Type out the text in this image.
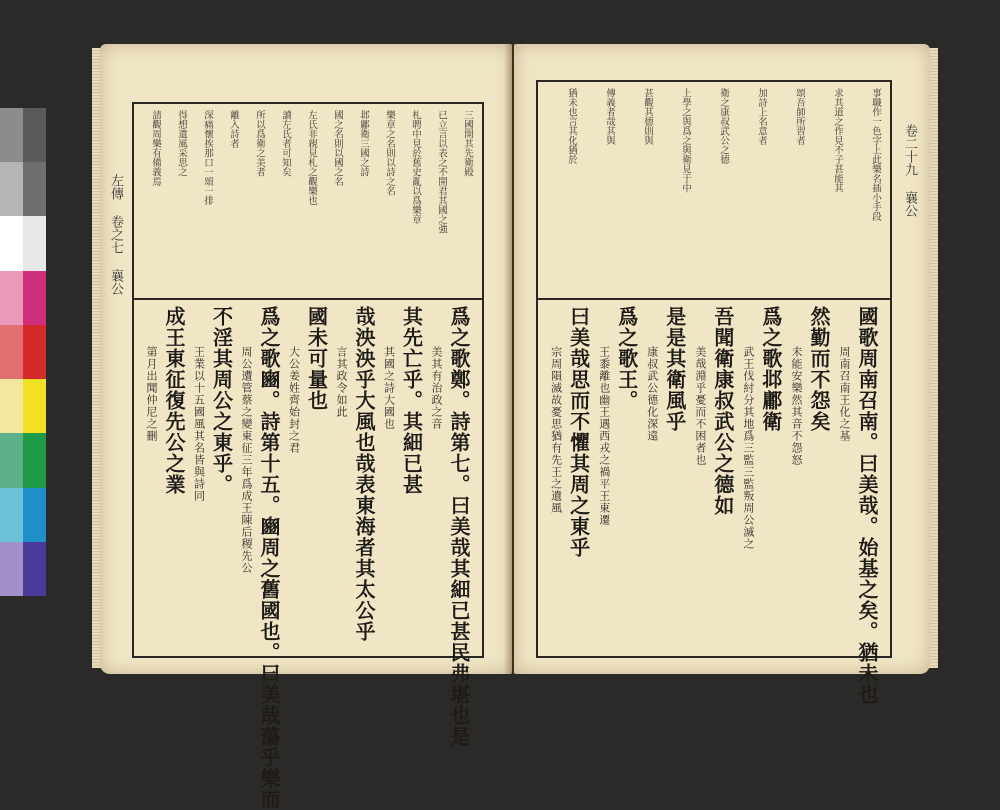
左傳 卷之七 襄公
三國開其先衛殿
已立言以表之不開君其國之強
札聘中見於舊史亂以爲樂章
樂章之名則以詩之名
邶鄘衛三國之詩
國之名則以國之名
左氏非親見札之觀樂也
讀左氏者可知矣
所以爲衛之美者
離入詩者
深痛懷挨那口一頌一排
得想遺風采思之
請觀周樂有備義焉
爲之歌鄭。詩第七。曰美哉其細已甚民弗堪也是
其先亡乎。其細已甚
哉泱泱乎大風也哉表東海者其太公乎
國未可量也
爲之歌豳。詩第十五。豳周之舊國也。曰美哉蕩乎樂而
不淫其周公之東乎。
成王東征復先公之業	美其有治政之音
其國之詩大國也
言其政令如此
大公姜姓齊始封之君
周公遭管蔡之變東征三年爲成王陳后稷先公
王業以十五國風其名皆與詩同
第月出聞仲尼之刪
事職作一色字上此樂名插小手段
求其道之作見不子甚能其
頌吾師所習者
加詩上名意者
衛之康叔武公之德
上學之與爲之與衛見于中
甚觀其德則與
傳義者哉其與
猶未也言其化猶於
國歌周南召南。曰美哉。始基之矣。猶未也
然勤而不怨矣
爲之歌邶鄘衛
吾聞衛康叔武公之德如
是是其衛風乎
爲之歌王。
曰美哉思而不懼其周之東乎	周南召南王化之基
未能安樂然其音不怨怒
武王伐紂分其地爲三監三監叛周公滅之
美哉淵乎憂而不困者也
康叔武公德化深遠
王黍離也幽王遇西戎之禍平王東遷
宗周隕滅故憂思猶有先王之遺風
卷二十九 襄公
